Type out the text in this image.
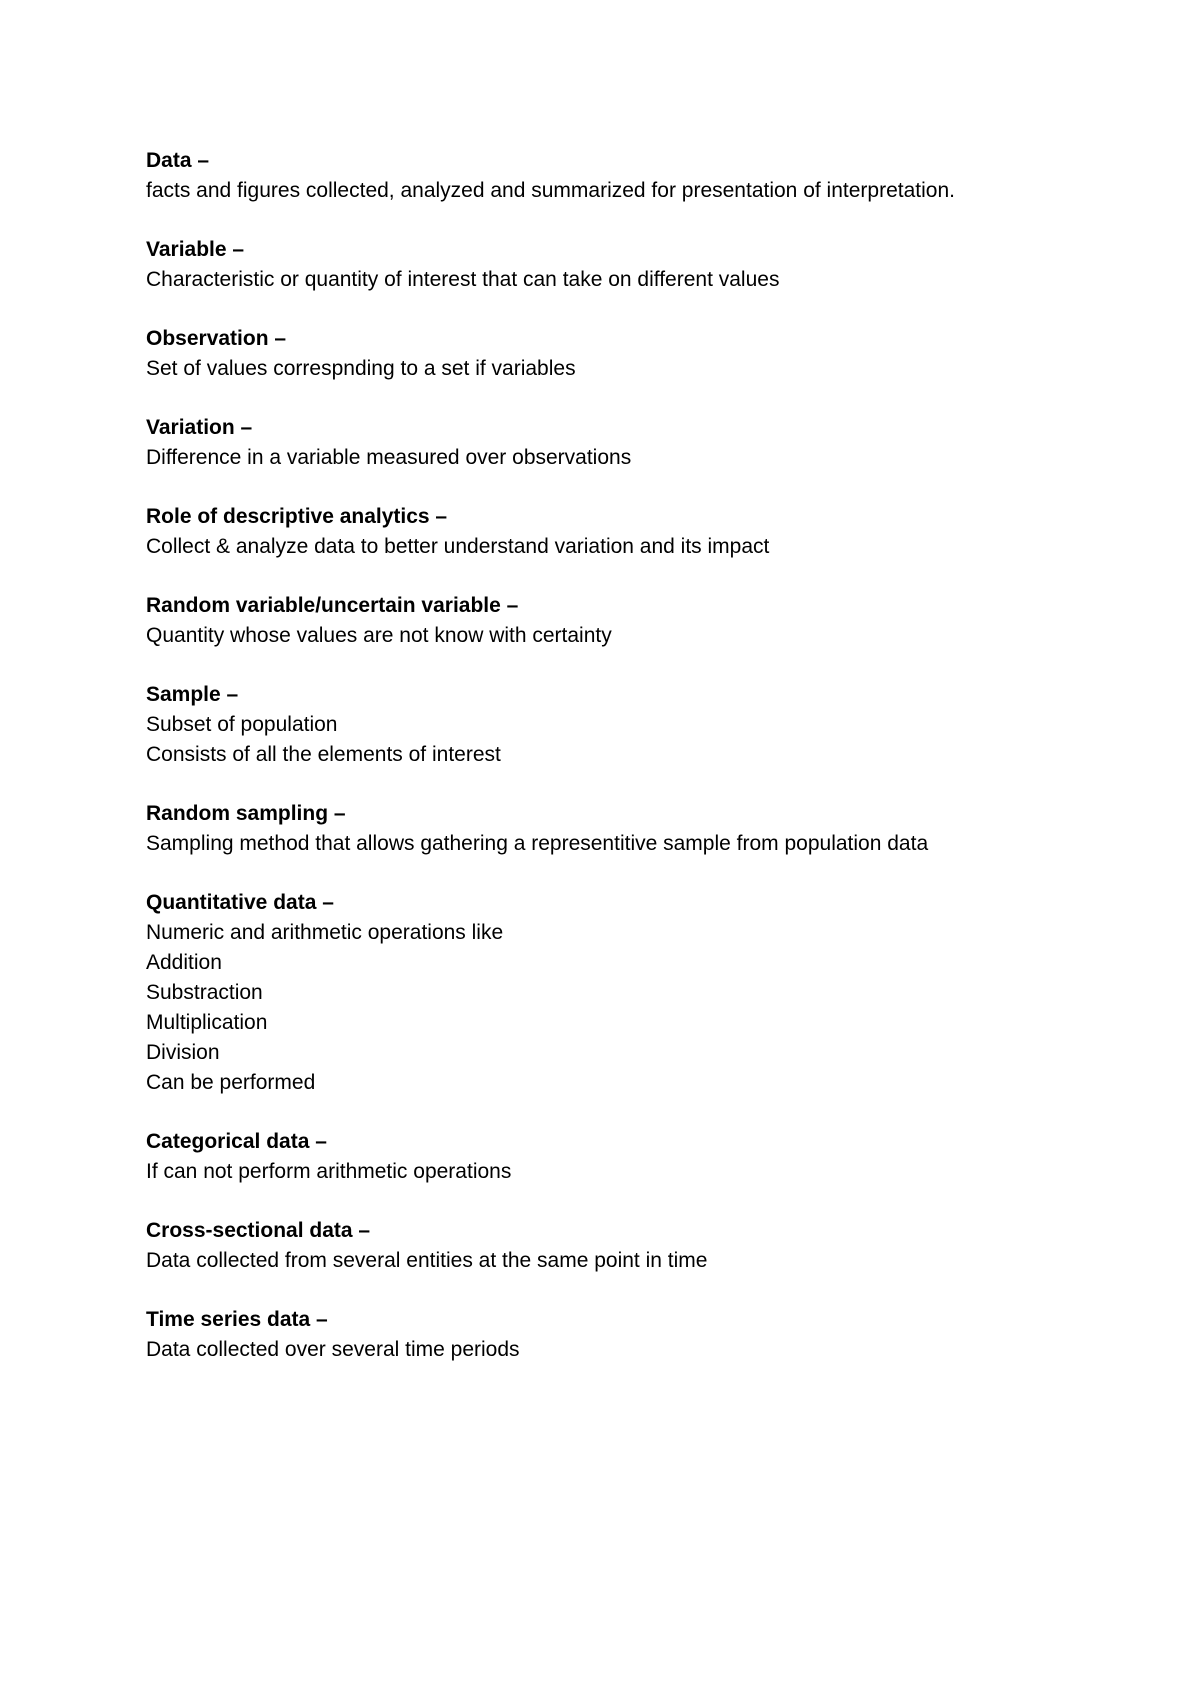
Data –
facts and figures collected, analyzed and summarized for presentation of interpretation.
Variable –
Characteristic or quantity of interest that can take on different values
Observation –
Set of values correspnding to a set if variables
Variation –
Difference in a variable measured over observations
Role of descriptive analytics –
Collect & analyze data to better understand variation and its impact
Random variable/uncertain variable –
Quantity whose values are not know with certainty
Sample –
Subset of population
Consists of all the elements of interest
Random sampling –
Sampling method that allows gathering a representitive sample from population data
Quantitative data –
Numeric and arithmetic operations like
Addition
Substraction
Multiplication
Division
Can be performed
Categorical data –
If can not perform arithmetic operations
Cross-sectional data –
Data collected from several entities at the same point in time
Time series data –
Data collected over several time periods
